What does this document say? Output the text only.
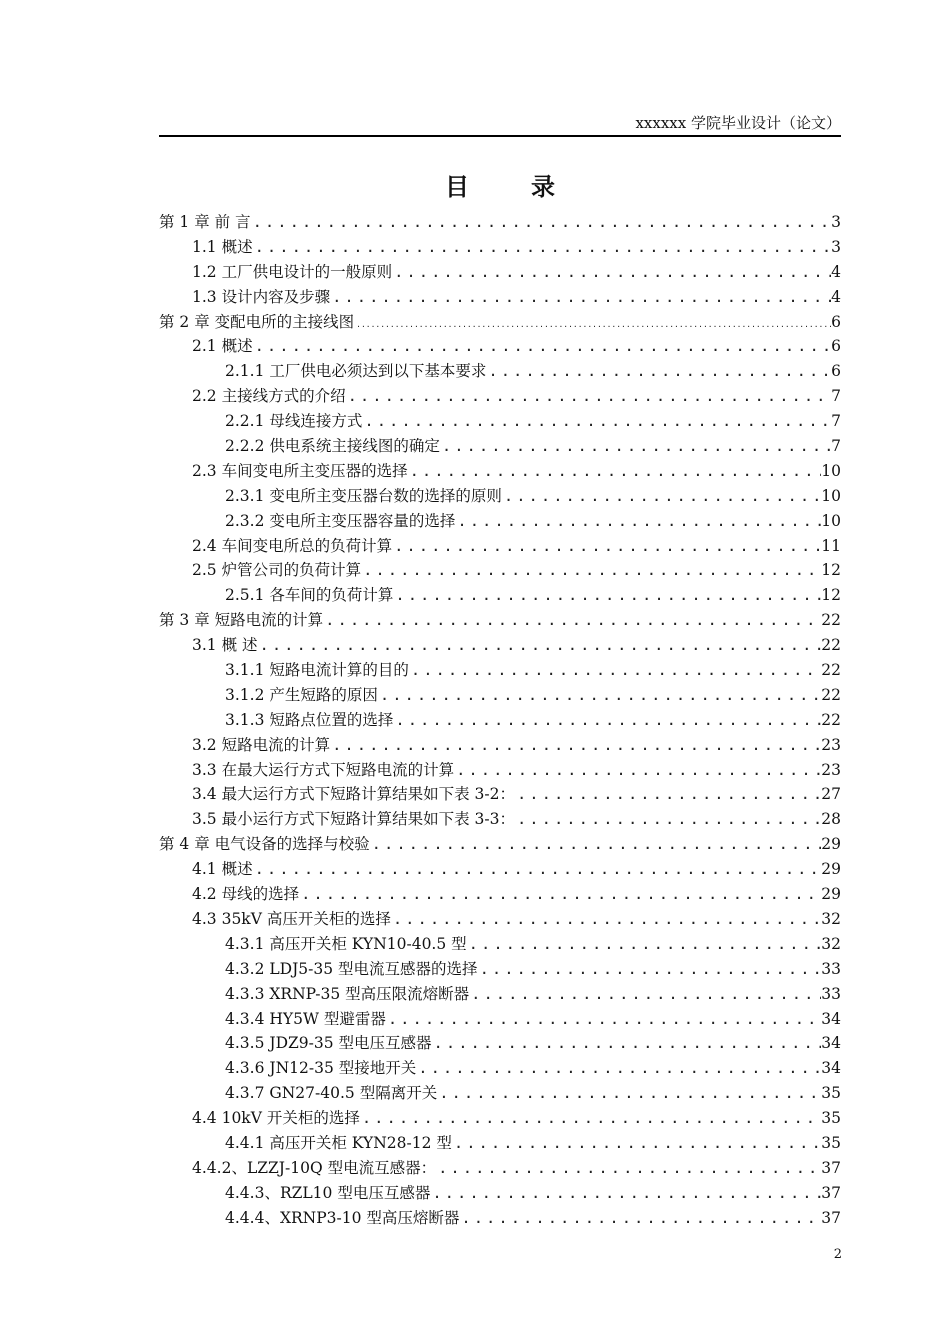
xxxxxx 学院毕业设计（论文）
目录
第 1 章 前 言 .....	3
1.1 概述 .....	3
1.2 工厂供电设计的一般原则 .....	4
1.3 设计内容及步骤 .....	4
第 2 章 变配电所的主接线图 .....	6
2.1 概述 .....	6
2.1.1 工厂供电必须达到以下基本要求 .....	6
2.2 主接线方式的介绍 .....	7
2.2.1 母线连接方式 .....	7
2.2.2 供电系统主接线图的确定 .....	7
2.3 车间变电所主变压器的选择 .....	10
2.3.1 变电所主变压器台数的选择的原则 .....	10
2.3.2 变电所主变压器容量的选择 .....	10
2.4 车间变电所总的负荷计算 .....	11
2.5 炉管公司的负荷计算 .....	12
2.5.1 各车间的负荷计算 .....	12
第 3 章 短路电流的计算 .....	22
3.1 概 述 .....	22
3.1.1 短路电流计算的目的 .....	22
3.1.2 产生短路的原因 .....	22
3.1.3 短路点位置的选择 .....	22
3.2 短路电流的计算 .....	23
3.3 在最大运行方式下短路电流的计算 .....	23
3.4 最大运行方式下短路计算结果如下表 3-2： .....	27
3.5 最小运行方式下短路计算结果如下表 3-3： .....	28
第 4 章 电气设备的选择与校验 .....	29
4.1 概述 .....	29
4.2 母线的选择 .....	29
4.3 35kV 高压开关柜的选择 .....	32
4.3.1 高压开关柜 KYN10-40.5 型 .....	32
4.3.2 LDJ5-35 型电流互感器的选择 .....	33
4.3.3 XRNP-35 型高压限流熔断器 .....	33
4.3.4 HY5W 型避雷器 .....	34
4.3.5 JDZ9-35 型电压互感器 .....	34
4.3.6 JN12-35 型接地开关 .....	34
4.3.7 GN27-40.5 型隔离开关 .....	35
4.4 10kV 开关柜的选择 .....	35
4.4.1 高压开关柜 KYN28-12 型 .....	35
4.4.2、LZZJ-10Q 型电流互感器： .....	37
4.4.3、RZL10 型电压互感器 .....	37
4.4.4、XRNP3-10 型高压熔断器 .....	37
2
